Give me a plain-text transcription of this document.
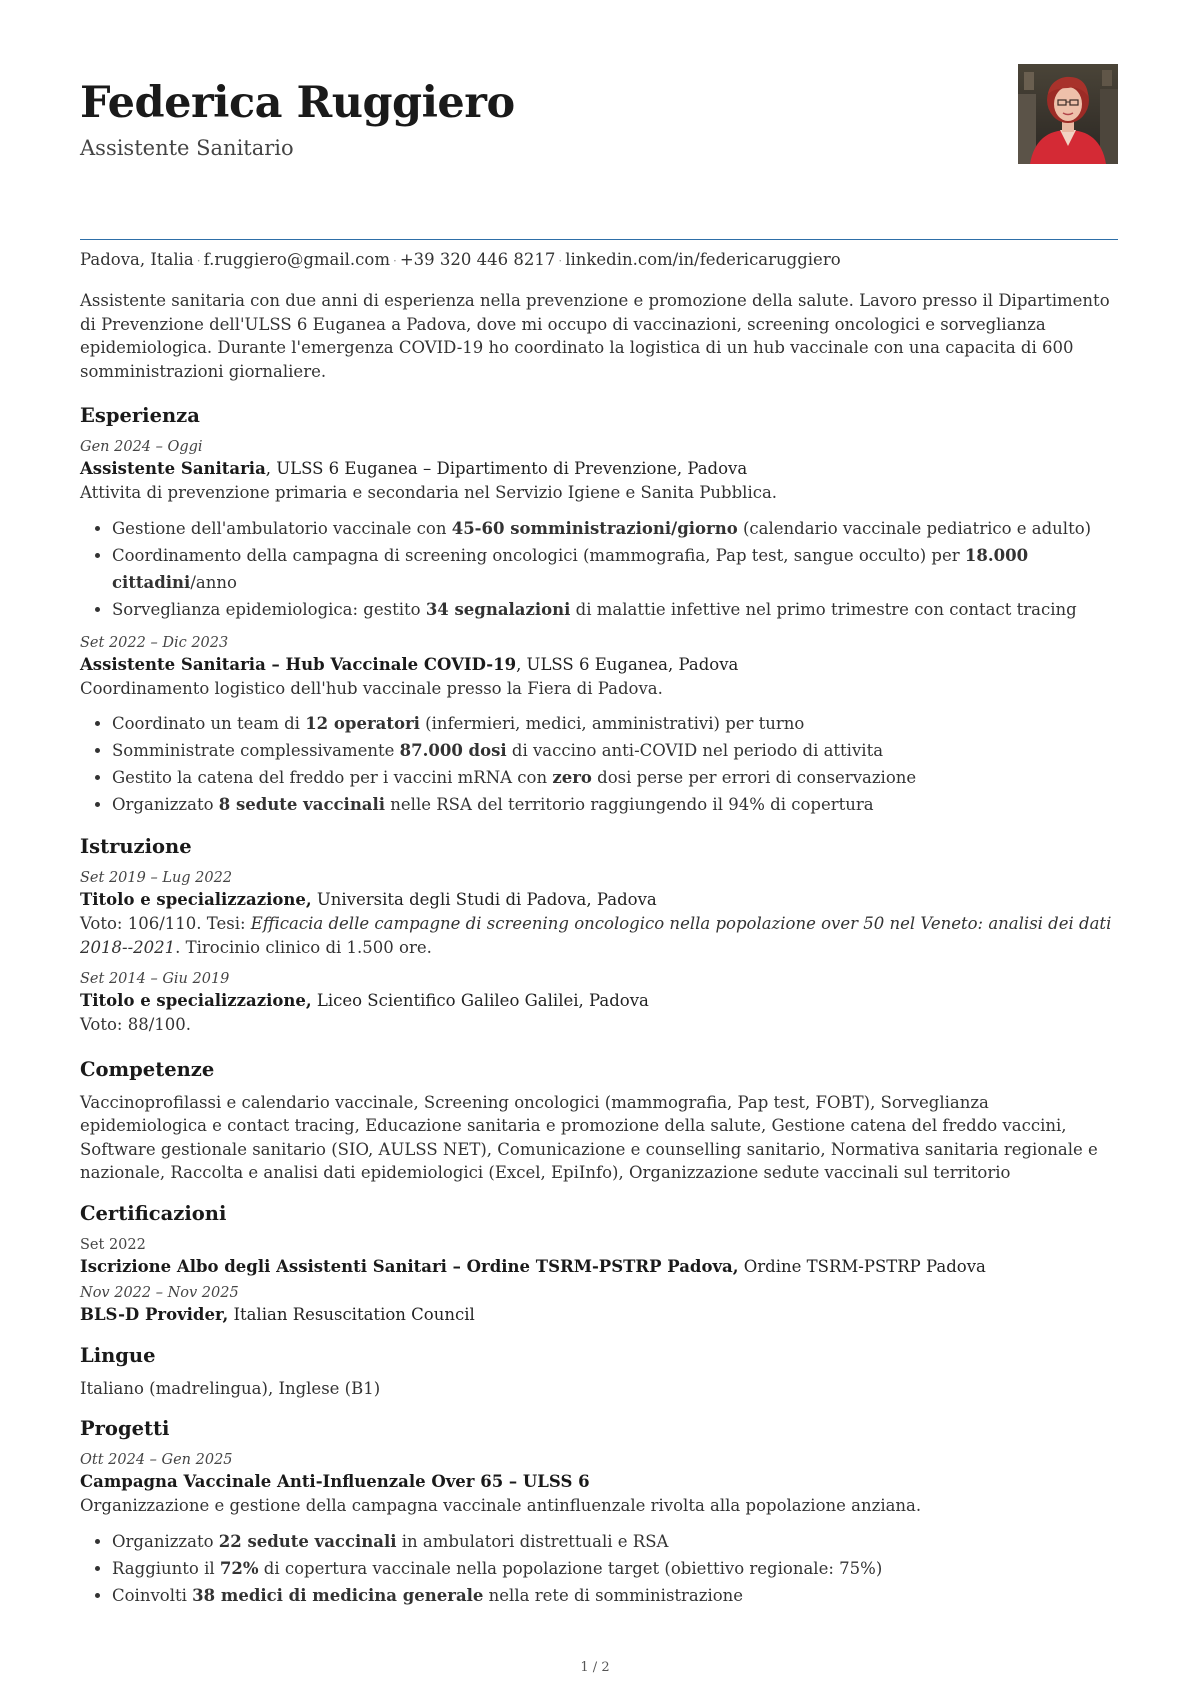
Federica Ruggiero
Assistente Sanitario
Padova, Italia · f.ruggiero@gmail.com · +39 320 446 8217 · linkedin.com/in/federicaruggiero
Assistente sanitaria con due anni di esperienza nella prevenzione e promozione della salute. Lavoro presso il Dipartimento di Prevenzione dell'ULSS 6 Euganea a Padova, dove mi occupo di vaccinazioni, screening oncologici e sorveglianza epidemiologica. Durante l'emergenza COVID-19 ho coordinato la logistica di un hub vaccinale con una capacita di 600 somministrazioni giornaliere.
Esperienza
Gen 2024 – Oggi
Assistente Sanitaria, ULSS 6 Euganea – Dipartimento di Prevenzione, Padova
Attivita di prevenzione primaria e secondaria nel Servizio Igiene e Sanita Pubblica.
• Gestione dell'ambulatorio vaccinale con 45-60 somministrazioni/giorno (calendario vaccinale pediatrico e adulto)
• Coordinamento della campagna di screening oncologici (mammografia, Pap test, sangue occulto) per 18.000 cittadini/anno
• Sorveglianza epidemiologica: gestito 34 segnalazioni di malattie infettive nel primo trimestre con contact tracing
Set 2022 – Dic 2023
Assistente Sanitaria – Hub Vaccinale COVID-19, ULSS 6 Euganea, Padova
Coordinamento logistico dell'hub vaccinale presso la Fiera di Padova.
• Coordinato un team di 12 operatori (infermieri, medici, amministrativi) per turno
• Somministrate complessivamente 87.000 dosi di vaccino anti-COVID nel periodo di attivita
• Gestito la catena del freddo per i vaccini mRNA con zero dosi perse per errori di conservazione
• Organizzato 8 sedute vaccinali nelle RSA del territorio raggiungendo il 94% di copertura
Istruzione
Set 2019 – Lug 2022
Titolo e specializzazione, Universita degli Studi di Padova, Padova
Voto: 106/110. Tesi: Efficacia delle campagne di screening oncologico nella popolazione over 50 nel Veneto: analisi dei dati 2018--2021. Tirocinio clinico di 1.500 ore.
Set 2014 – Giu 2019
Titolo e specializzazione, Liceo Scientifico Galileo Galilei, Padova
Voto: 88/100.
Competenze
Vaccinoprofilassi e calendario vaccinale, Screening oncologici (mammografia, Pap test, FOBT), Sorveglianza epidemiologica e contact tracing, Educazione sanitaria e promozione della salute, Gestione catena del freddo vaccini, Software gestionale sanitario (SIO, AULSS NET), Comunicazione e counselling sanitario, Normativa sanitaria regionale e nazionale, Raccolta e analisi dati epidemiologici (Excel, EpiInfo), Organizzazione sedute vaccinali sul territorio
Certificazioni
Set 2022
Iscrizione Albo degli Assistenti Sanitari – Ordine TSRM-PSTRP Padova, Ordine TSRM-PSTRP Padova
Nov 2022 – Nov 2025
BLS-D Provider, Italian Resuscitation Council
Lingue
Italiano (madrelingua), Inglese (B1)
Progetti
Ott 2024 – Gen 2025
Campagna Vaccinale Anti-Influenzale Over 65 – ULSS 6
Organizzazione e gestione della campagna vaccinale antinfluenzale rivolta alla popolazione anziana.
• Organizzato 22 sedute vaccinali in ambulatori distrettuali e RSA
• Raggiunto il 72% di copertura vaccinale nella popolazione target (obiettivo regionale: 75%)
• Coinvolti 38 medici di medicina generale nella rete di somministrazione
1 / 2
